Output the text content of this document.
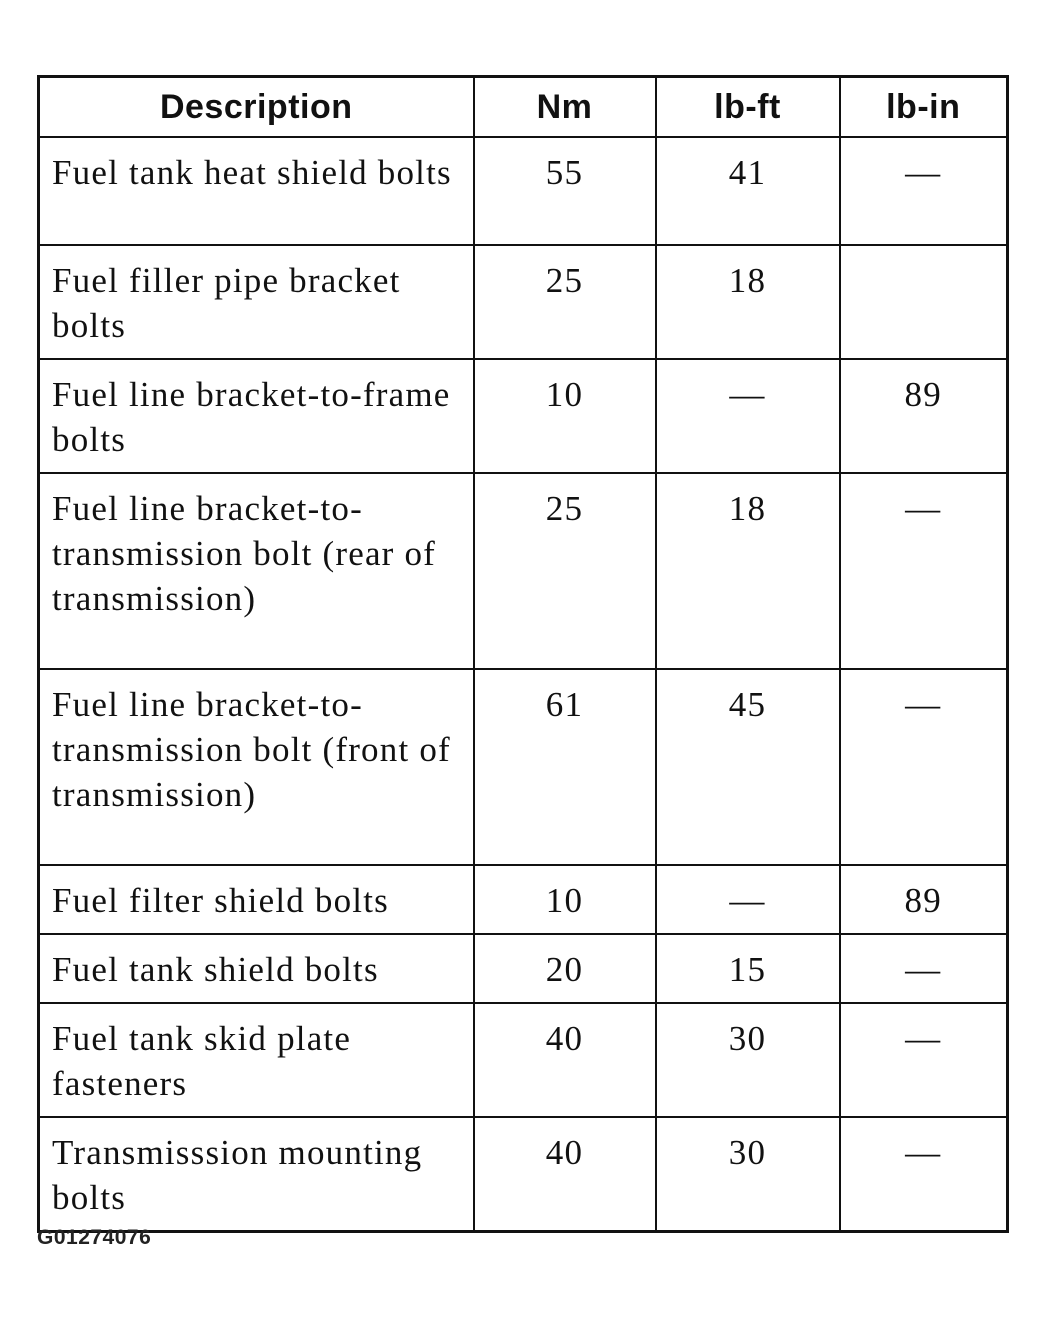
Description	Nm	lb-ft	lb-in
Fuel tank heat shield bolts	55	41	—
Fuel filler pipe bracket bolts	25	18	
Fuel line bracket-to-frame bolts	10	—	89
Fuel line bracket-to-transmission bolt (rear of transmission)	25	18	—
Fuel line bracket-to-transmission bolt (front of transmission)	61	45	—
Fuel filter shield bolts	10	—	89
Fuel tank shield bolts	20	15	—
Fuel tank skid plate fasteners	40	30	—
Transmisssion mounting bolts	40	30	—
G01274076
